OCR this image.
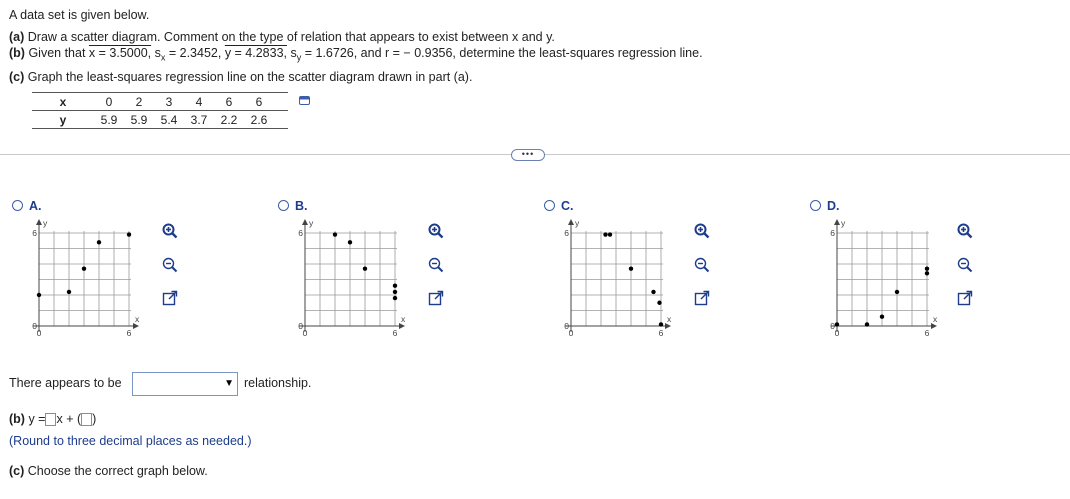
A data set is given below.
(a) Draw a scatter diagram. Comment on the type of relation that appears to exist between x and y.
(b) Given that x = 3.5000, $s_x = 2.3452$, y = 4.2833, $s_y = 1.6726$, and r = − 0.9356, determine the least-squares regression line.
(c) Graph the least-squares regression line on the scatter diagram drawn in part (a).
x	0	2	3	4	6	6	
y	5.9	5.9	5.4	3.7	2.2	2.6	
•••
A.	B.	C.	D.
y
x
0	6
6
0
y
x
0	6
6
0
y
x
0	6
6
0
y
x
0	6
6
0
There appears to be	▼ relationship.
(b) y = x + ( )
(Round to three decimal places as needed.)
(c) Choose the correct graph below.
